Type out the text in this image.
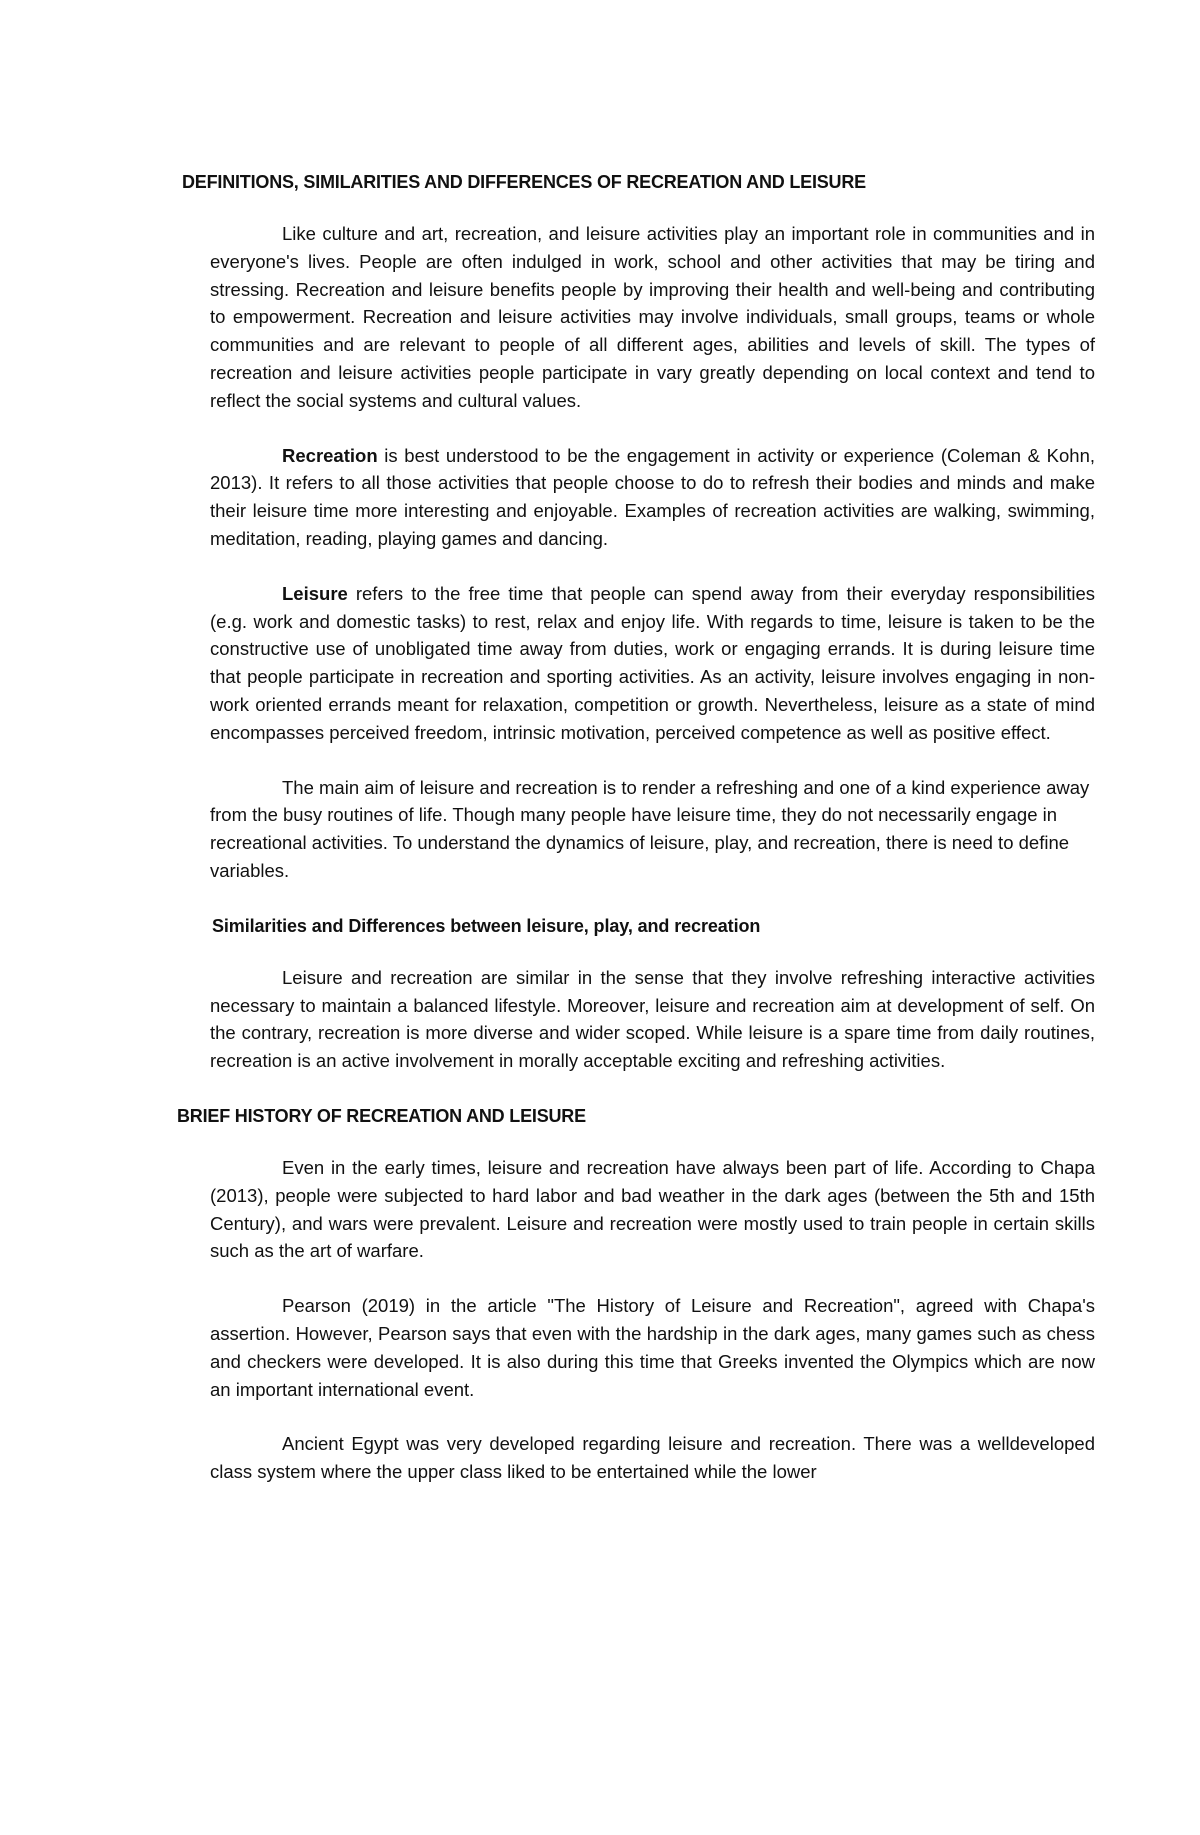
DEFINITIONS, SIMILARITIES AND DIFFERENCES OF RECREATION AND LEISURE

Like culture and art, recreation, and leisure activities play an important role in communities and in everyone's lives. People are often indulged in work, school and other activities that may be tiring and stressing. Recreation and leisure benefits people by improving their health and well-being and contributing to empowerment. Recreation and leisure activities may involve individuals, small groups, teams or whole communities and are relevant to people of all different ages, abilities and levels of skill. The types of recreation and leisure activities people participate in vary greatly depending on local context and tend to reflect the social systems and cultural values.

Recreation is best understood to be the engagement in activity or experience (Coleman & Kohn, 2013). It refers to all those activities that people choose to do to refresh their bodies and minds and make their leisure time more interesting and enjoyable. Examples of recreation activities are walking, swimming, meditation, reading, playing games and dancing.

Leisure refers to the free time that people can spend away from their everyday responsibilities (e.g. work and domestic tasks) to rest, relax and enjoy life. With regards to time, leisure is taken to be the constructive use of unobligated time away from duties, work or engaging errands. It is during leisure time that people participate in recreation and sporting activities. As an activity, leisure involves engaging in non-work oriented errands meant for relaxation, competition or growth. Nevertheless, leisure as a state of mind encompasses perceived freedom, intrinsic motivation, perceived competence as well as positive effect.

The main aim of leisure and recreation is to render a refreshing and one of a kind experience away from the busy routines of life. Though many people have leisure time, they do not necessarily engage in recreational activities. To understand the dynamics of leisure, play, and recreation, there is need to define variables.

Similarities and Differences between leisure, play, and recreation

Leisure and recreation are similar in the sense that they involve refreshing interactive activities necessary to maintain a balanced lifestyle. Moreover, leisure and recreation aim at development of self. On the contrary, recreation is more diverse and wider scoped. While leisure is a spare time from daily routines, recreation is an active involvement in morally acceptable exciting and refreshing activities.

BRIEF HISTORY OF RECREATION AND LEISURE

Even in the early times, leisure and recreation have always been part of life. According to Chapa (2013), people were subjected to hard labor and bad weather in the dark ages (between the 5th and 15th Century), and wars were prevalent. Leisure and recreation were mostly used to train people in certain skills such as the art of warfare.

Pearson (2019) in the article "The History of Leisure and Recreation", agreed with Chapa's assertion. However, Pearson says that even with the hardship in the dark ages, many games such as chess and checkers were developed. It is also during this time that Greeks invented the Olympics which are now an important international event.

Ancient Egypt was very developed regarding leisure and recreation. There was a welldeveloped class system where the upper class liked to be entertained while the lower
